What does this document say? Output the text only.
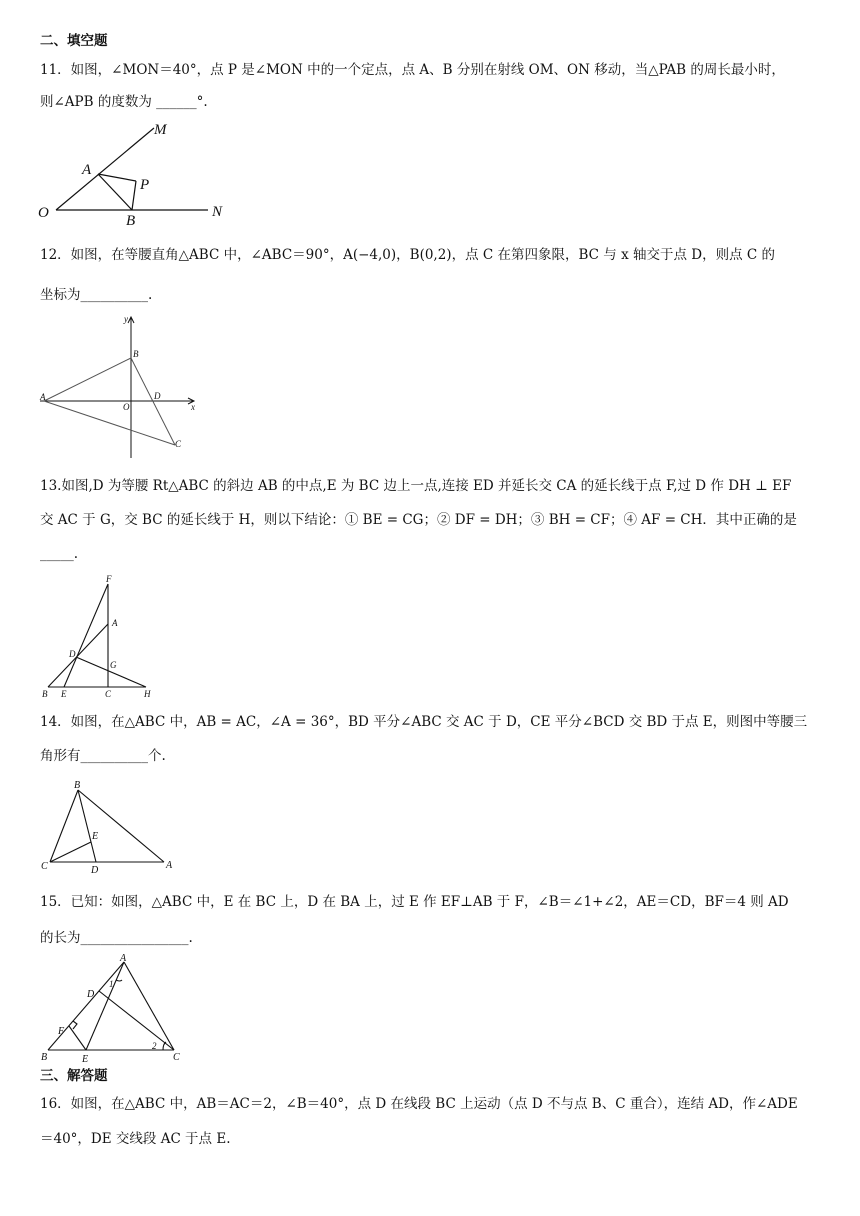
二、填空题
11．如图，∠MON＝40°，点 P 是∠MON 中的一个定点，点 A、B 分别在射线 OM、ON 移动，当△PAB 的周长最小时，
则∠APB 的度数为 ______°.
M
A
P
O	B
N
12．如图，在等腰直角△ABC 中，∠ABC＝90°，A(−4,0)，B(0,2)，点 C 在第四象限，BC 与 x 轴交于点 D，则点 C 的
坐标为__________.
y
x
A
B
O
D
C
13.如图,D 为等腰 Rt△ABC 的斜边 AB 的中点,E 为 BC 边上一点,连接 ED 并延长交 CA 的延长线于点 F,过 D 作 DH ⊥ EF
交 AC 于 G，交 BC 的延长线于 H，则以下结论：① BE = CG；② DF = DH；③ BH = CF；④ AF = CH．其中正确的是
_____.
F
A
D
G
B E	C	H
14．如图，在△ABC 中，AB = AC，∠A = 36°，BD 平分∠ABC 交 AC 于 D，CE 平分∠BCD 交 BD 于点 E，则图中等腰三
角形有__________个.
B
E
C	D	A
15．已知：如图，△ABC 中，E 在 BC 上，D 在 BA 上，过 E 作 EF⊥AB 于 F，∠B＝∠1+∠2，AE＝CD，BF＝4 则 AD
的长为________________.
A
D
1
F
B	E
2
C
三、解答题
16．如图，在△ABC 中，AB＝AC＝2，∠B＝40°，点 D 在线段 BC 上运动（点 D 不与点 B、C 重合），连结 AD，作∠ADE
＝40°，DE 交线段 AC 于点 E.
